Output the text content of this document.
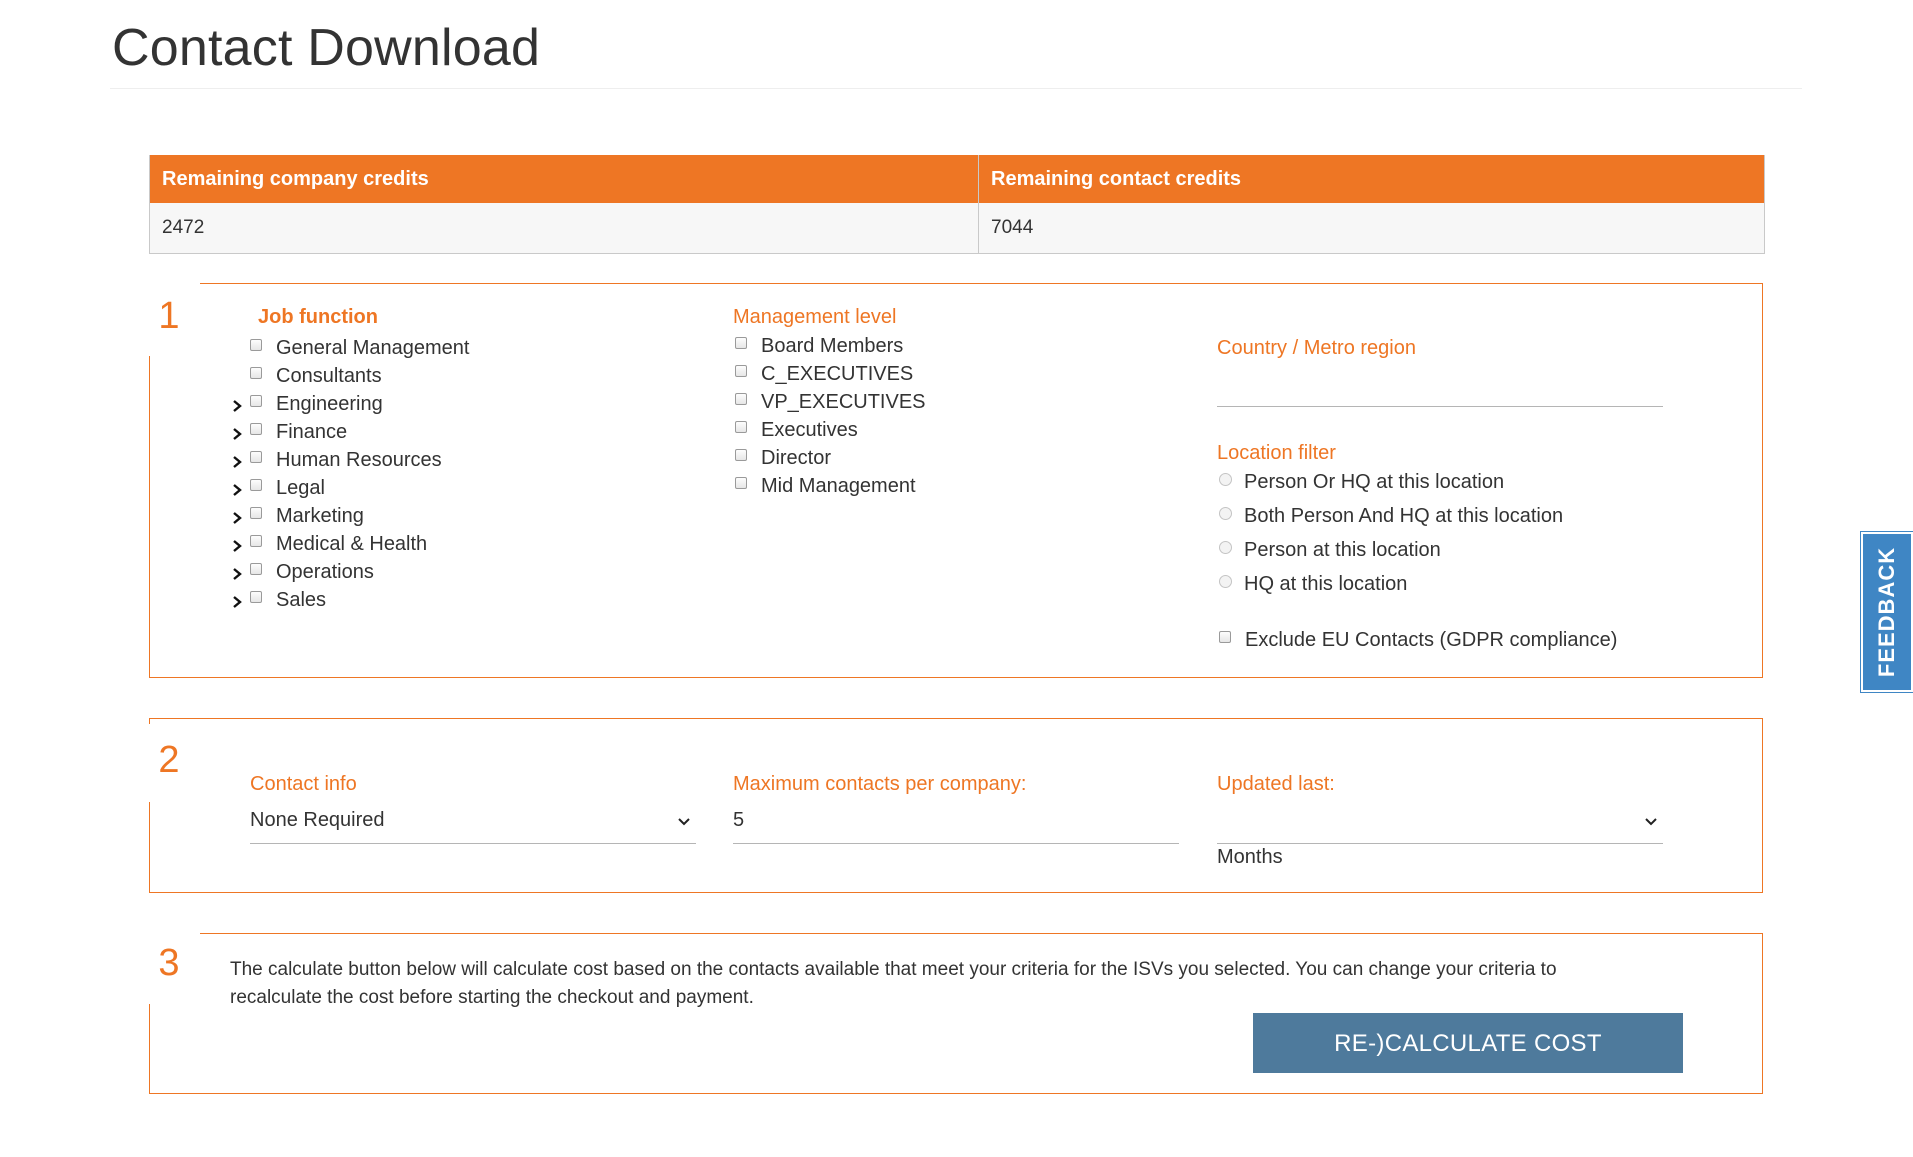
Contact Download
Remaining company credits	Remaining contact credits
2472	7044
1	Job function	Management level
Country / Metro region
Location filter
Exclude EU Contacts (GDPR compliance)
General Management
Consultants
Engineering
Finance
Human Resources
Legal
Marketing
Medical & Health
Operations
Sales
Board Members
C_EXECUTIVES
VP_EXECUTIVES
Executives
Director
Mid Management	Person Or HQ at this location
Both Person And HQ at this location
Person at this location
HQ at this location
2
Contact info
None Required
Maximum contacts per company:
5
Updated last:
Months
3	The calculate button below will calculate cost based on the contacts available that meet your criteria for the ISVs you selected. You can change your criteria to recalculate the cost before starting the checkout and payment.
RE-)CALCULATE COST
FEEDBACK
